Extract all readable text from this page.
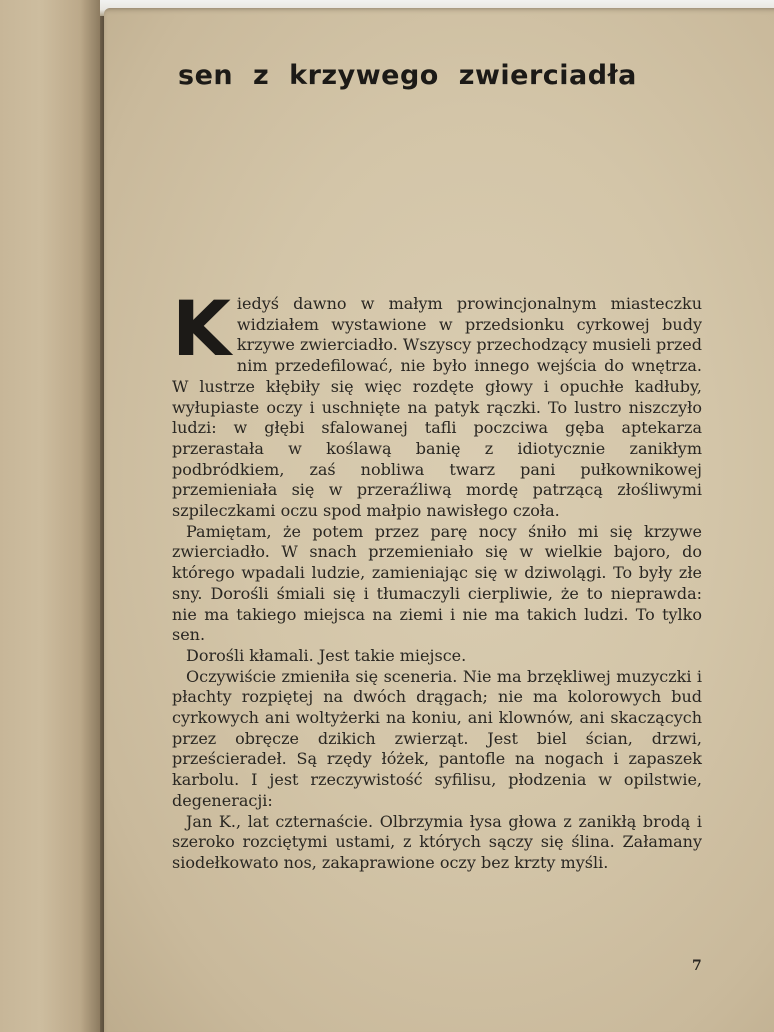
sen z krzywego zwierciadła

Kiedyś dawno w małym prowincjonalnym miasteczku widziałem wystawione w przedsionku cyrkowej budy krzywe zwierciadło. Wszyscy przechodzący musieli przed nim przedefilować, nie było innego wejścia do wnętrza. W lustrze kłębiły się więc rozdęte głowy i opuchłe kadłuby, wyłupiaste oczy i uschnięte na patyk rączki. To lustro niszczyło ludzi: w głębi sfalowanej tafli poczciwa gęba aptekarza przerastała w koślawą banię z idiotycznie zanikłym podbródkiem, zaś nobliwa twarz pani pułkownikowej przemieniała się w przeraźliwą mordę patrzącą złośliwymi szpileczkami oczu spod małpio nawisłego czoła.

Pamiętam, że potem przez parę nocy śniło mi się krzywe zwierciadło. W snach przemieniało się w wielkie bajoro, do którego wpadali ludzie, zamieniając się w dziwolągi. To były złe sny. Dorośli śmiali się i tłumaczyli cierpliwie, że to nieprawda: nie ma takiego miejsca na ziemi i nie ma takich ludzi. To tylko sen.

Dorośli kłamali. Jest takie miejsce.

Oczywiście zmieniła się sceneria. Nie ma brzękliwej muzyczki i płachty rozpiętej na dwóch drągach; nie ma kolorowych bud cyrkowych ani woltyżerki na koniu, ani klownów, ani skaczących przez obręcze dzikich zwierząt. Jest biel ścian, drzwi, prześcieradeł. Są rzędy łóżek, pantofle na nogach i zapaszek karbolu. I jest rzeczywistość syfilisu, płodzenia w opilstwie, degeneracji:

Jan K., lat czternaście. Olbrzymia łysa głowa z zanikłą brodą i szeroko rozciętymi ustami, z których sączy się ślina. Załamany siodełkowato nos, zakaprawione oczy bez krzty myśli.

7
